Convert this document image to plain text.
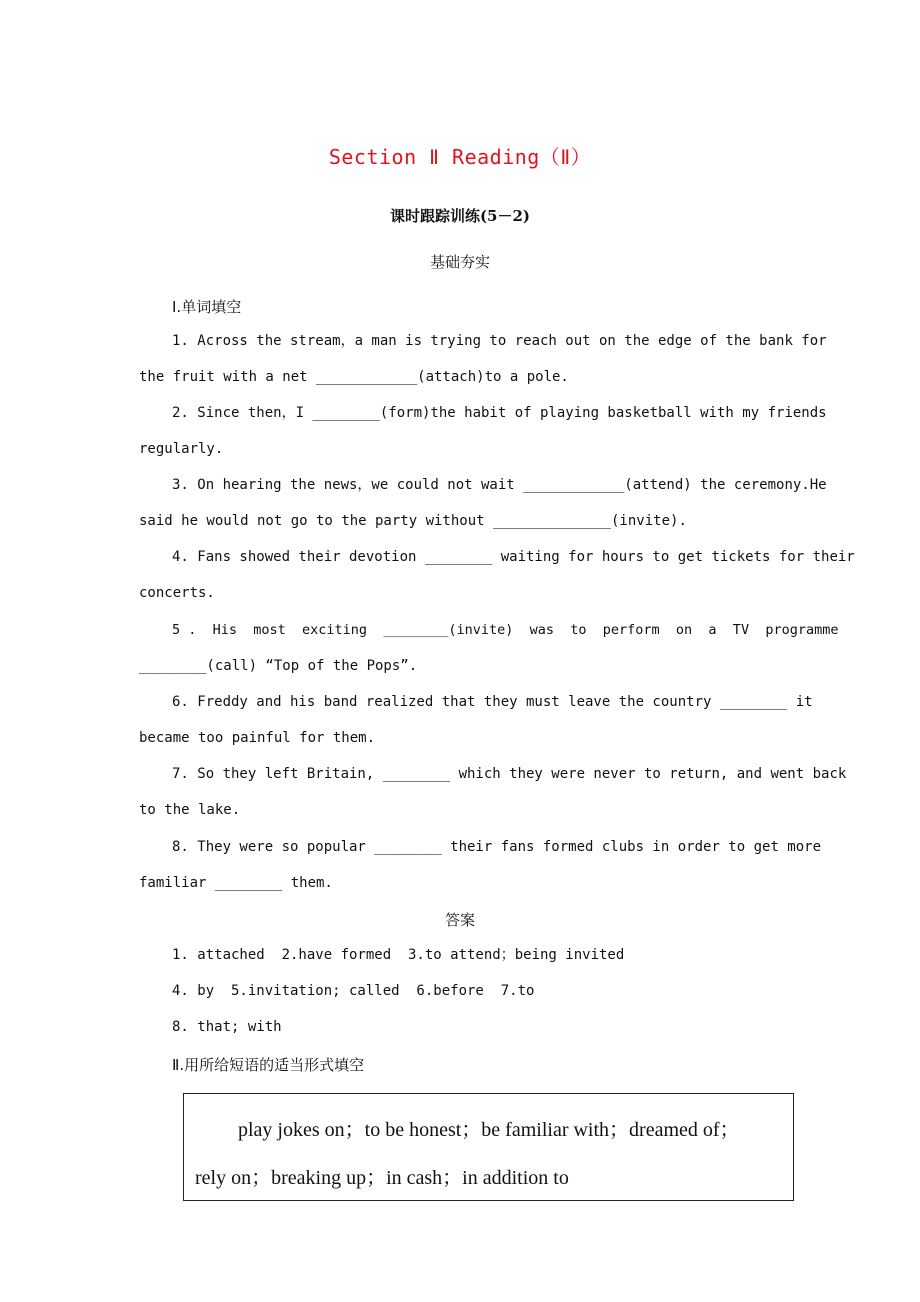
Section Ⅱ Reading（Ⅱ）
课时跟踪训练(5－2)
基础夯实
Ⅰ.单词填空
1. Across the stream，a man is trying to reach out on the edge of the bank for
the fruit with a net ____________(attach)to a pole.
2. Since then，I ________(form)the habit of playing basketball with my friends
regularly.
3. On hearing the news，we could not wait ____________(attend) the ceremony.He
said he would not go to the party without ______________(invite).
4. Fans showed their devotion ________ waiting for hours to get tickets for their
concerts.
5 .  His  most  exciting  ________(invite)  was  to  perform  on  a  TV  programme
________(call) “Top of the Pops”.
6. Freddy and his band realized that they must leave the country ________ it
became too painful for them.
7. So they left Britain, ________ which they were never to return, and went back
to the lake.
8. They were so popular ________ their fans formed clubs in order to get more
familiar ________ them.
答案
1. attached  2.have formed  3.to attend；being invited
4. by  5.invitation; called  6.before  7.to
8. that; with
Ⅱ.用所给短语的适当形式填空
play jokes on；to be honest；be familiar with；dreamed of；
rely on；breaking up；in cash；in addition to
